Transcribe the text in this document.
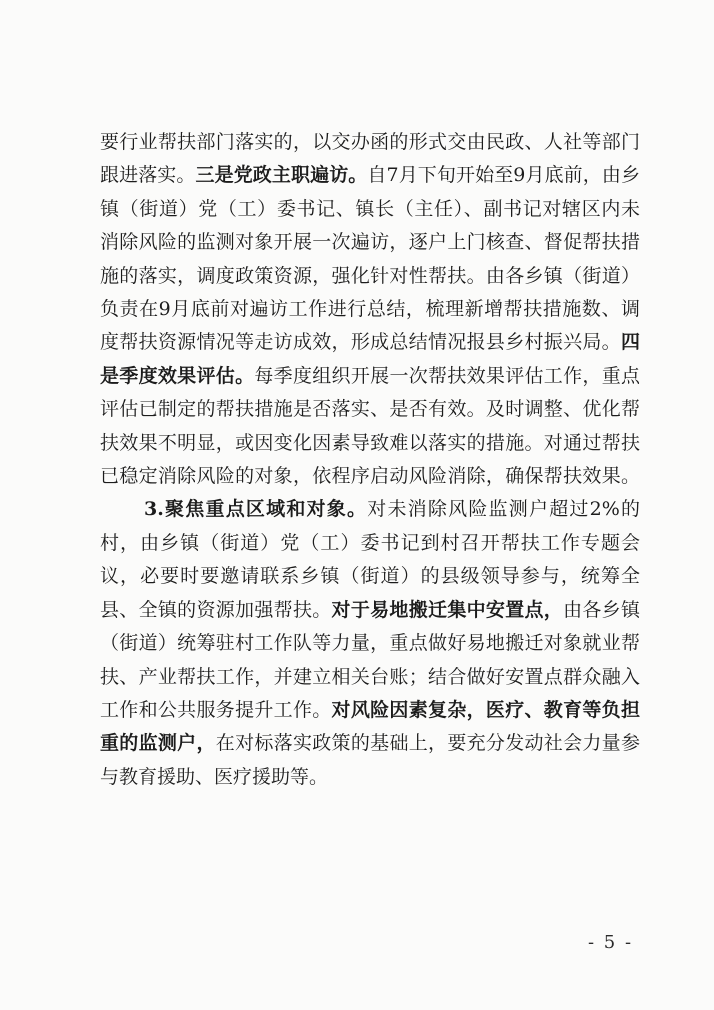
要行业帮扶部门落实的，以交办函的形式交由民政、人社等部门跟进落实。三是党政主职遍访。自7月下旬开始至9月底前，由乡镇（街道）党（工）委书记、镇长（主任）、副书记对辖区内未消除风险的监测对象开展一次遍访，逐户上门核查、督促帮扶措施的落实，调度政策资源，强化针对性帮扶。由各乡镇（街道）负责在9月底前对遍访工作进行总结，梳理新增帮扶措施数、调度帮扶资源情况等走访成效，形成总结情况报县乡村振兴局。四是季度效果评估。每季度组织开展一次帮扶效果评估工作，重点评估已制定的帮扶措施是否落实、是否有效。及时调整、优化帮扶效果不明显，或因变化因素导致难以落实的措施。对通过帮扶已稳定消除风险的对象，依程序启动风险消除，确保帮扶效果。

3.聚焦重点区域和对象。对未消除风险监测户超过2%的村，由乡镇（街道）党（工）委书记到村召开帮扶工作专题会议，必要时要邀请联系乡镇（街道）的县级领导参与，统筹全县、全镇的资源加强帮扶。对于易地搬迁集中安置点，由各乡镇（街道）统筹驻村工作队等力量，重点做好易地搬迁对象就业帮扶、产业帮扶工作，并建立相关台账；结合做好安置点群众融入工作和公共服务提升工作。对风险因素复杂，医疗、教育等负担重的监测户，在对标落实政策的基础上，要充分发动社会力量参与教育援助、医疗援助等。

- 5 -
